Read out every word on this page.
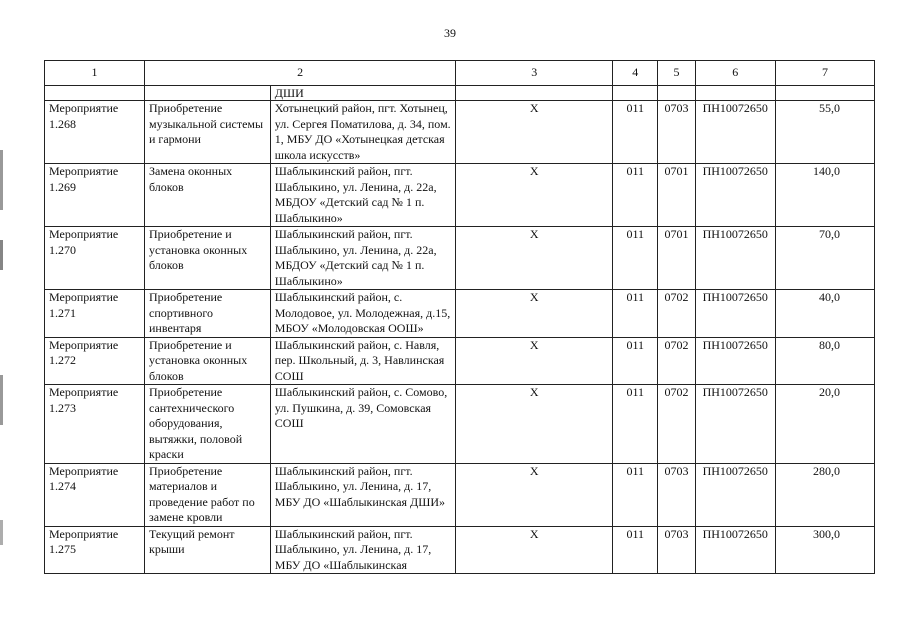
39
1	2		3	4	5	6	7
		ДШИ					
Мероприятие 1.268	Приобретение музыкальной системы и гармони	Хотынецкий район, пгт. Хотынец, ул. Сергея Поматилова, д. 34, пом. 1, МБУ ДО «Хотынецкая детская школа искусств»	Х	011	0703	ПН10072650	55,0
Мероприятие 1.269	Замена оконных блоков	Шаблыкинский район, пгт. Шаблыкино, ул. Ленина, д. 22а, МБДОУ «Детский сад № 1 п. Шаблыкино»	Х	011	0701	ПН10072650	140,0
Мероприятие 1.270	Приобретение и установка оконных блоков	Шаблыкинский район, пгт. Шаблыкино, ул. Ленина, д. 22а, МБДОУ «Детский сад № 1 п. Шаблыкино»	Х	011	0701	ПН10072650	70,0
Мероприятие 1.271	Приобретение спортивного инвентаря	Шаблыкинский район, с. Молодовое, ул. Молодежная, д.15, МБОУ «Молодовская ООШ»	Х	011	0702	ПН10072650	40,0
Мероприятие 1.272	Приобретение и установка оконных блоков	Шаблыкинский район, с. Навля, пер. Школьный, д. 3, Навлинская СОШ	Х	011	0702	ПН10072650	80,0
Мероприятие 1.273	Приобретение сантехнического оборудования, вытяжки, половой краски	Шаблыкинский район, с. Сомово, ул. Пушкина, д. 39, Сомовская СОШ	Х	011	0702	ПН10072650	20,0
Мероприятие 1.274	Приобретение материалов и проведение работ по замене кровли	Шаблыкинский район, пгт. Шаблыкино, ул. Ленина, д. 17, МБУ ДО «Шаблыкинская ДШИ»	Х	011	0703	ПН10072650	280,0
Мероприятие 1.275	Текущий ремонт крыши	Шаблыкинский район, пгт. Шаблыкино, ул. Ленина, д. 17, МБУ ДО «Шаблыкинская	Х	011	0703	ПН10072650	300,0
